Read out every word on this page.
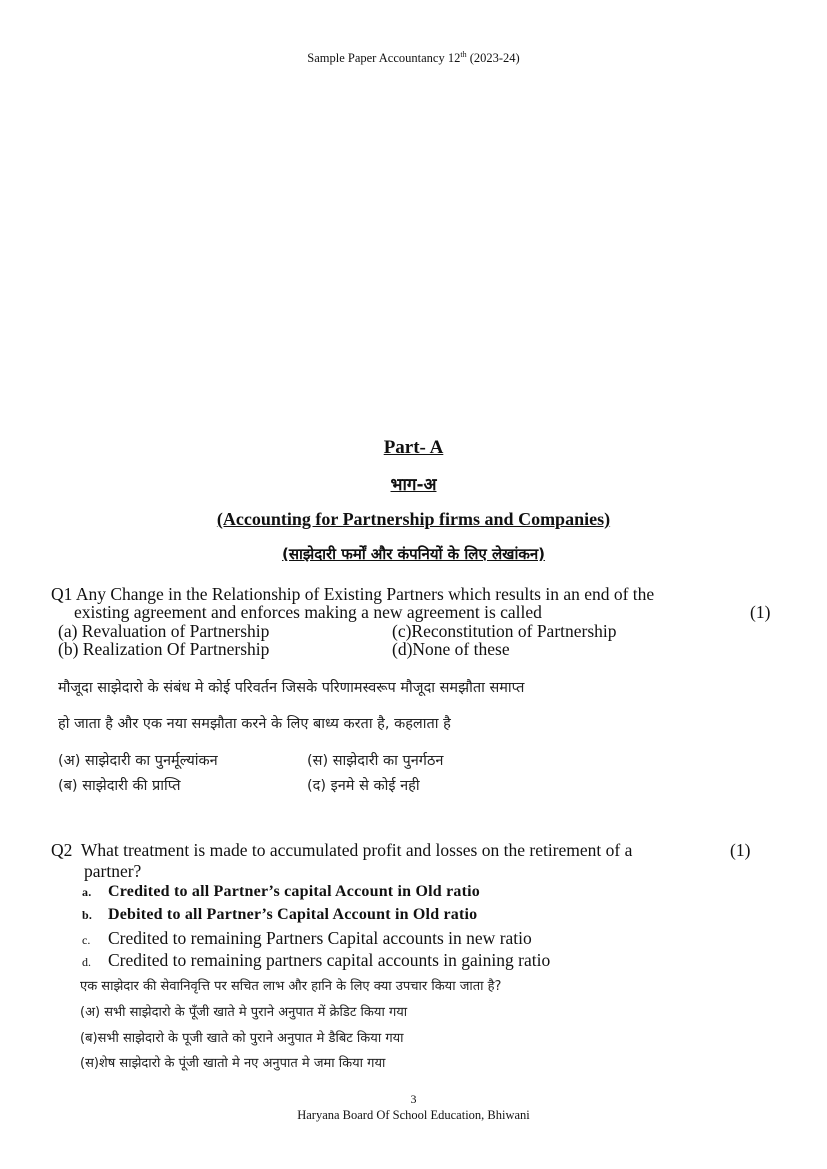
Sample Paper Accountancy 12th (2023-24)
Part- A
भाग-अ
(Accounting for Partnership firms and Companies)
(साझेदारी फर्मों और कंपनियों के लिए लेखांकन)
Q1 Any Change in the Relationship of Existing Partners which results in an end of the
existing agreement and enforces making a new agreement is called	(1)
(a) Revaluation of Partnership	(c)Reconstitution of Partnership
(b) Realization Of Partnership	(d)None of these
मौजूदा साझेदारो के संबंध मे कोई परिवर्तन जिसके परिणामस्वरूप मौजूदा समझौता समाप्त
हो जाता है और एक नया समझौता करने के लिए बाध्य करता है, कहलाता है
(अ) साझेदारी का पुनर्मूल्यांकन	(स) साझेदारी का पुनर्गठन
(ब) साझेदारी की प्राप्ति	(द) इनमे से कोई नही
Q2 What treatment is made to accumulated profit and losses on the retirement of a	(1)
partner?
a. Credited to all Partner’s capital Account in Old ratio
b. Debited to all Partner’s Capital Account in Old ratio
c. Credited to remaining Partners Capital accounts in new ratio
d. Credited to remaining partners capital accounts in gaining ratio
एक साझेदार की सेवानिवृत्ति पर सचित लाभ और हानि के लिए क्या उपचार किया जाता है?
(अ) सभी साझेदारो के पूँजी खाते मे पुराने अनुपात में क्रेडिट किया गया
(ब)सभी साझेदारो के पूजी खाते को पुराने अनुपात मे डैबिट किया गया
(स)शेष साझेदारो के पूंजी खातो मे नए अनुपात मे जमा किया गया
3
Haryana Board Of School Education, Bhiwani
